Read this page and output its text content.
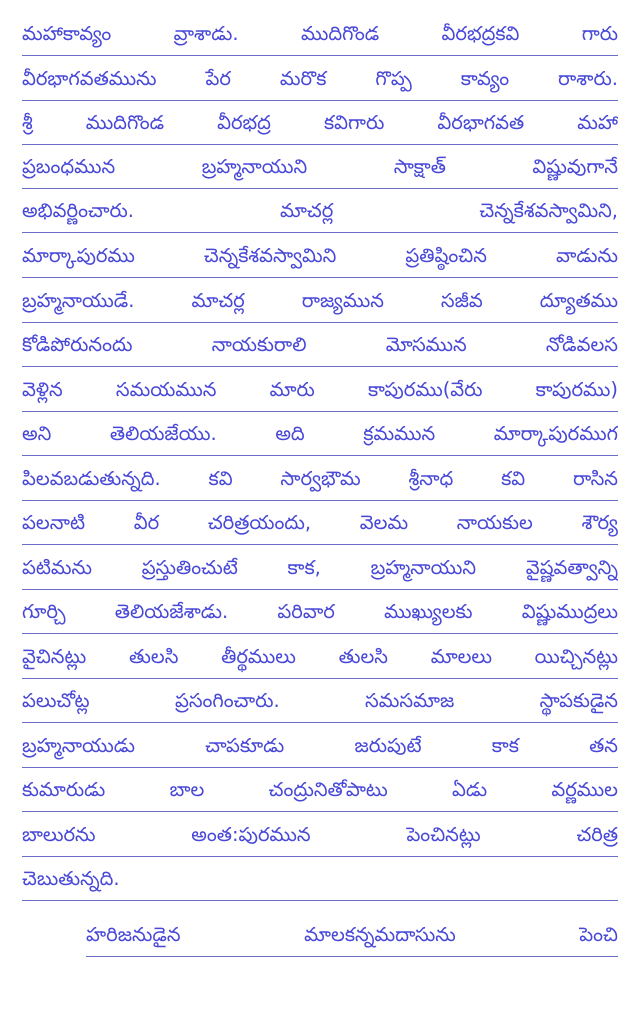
మహాకావ్యం వ్రాశాడు. ముదిగొండ వీరభద్రకవి గారు

వీరభాగవతమును పేర మరొక గొప్ప కావ్యం రాశారు.

శ్రీ ముదిగొండ వీరభద్ర కవిగారు వీరభాగవత మహా

ప్రబంధమున బ్రహ్మనాయుని సాక్షాత్ విష్ణువుగానే

అభివర్ణించారు. మాచర్ల చెన్నకేశవస్వామిని,

మార్కాపురము చెన్నకేశవస్వామిని ప్రతిష్ఠించిన వాడును

బ్రహ్మనాయుడే. మాచర్ల రాజ్యమున సజీవ ద్యూతము

కోడిపోరునందు నాయకురాలి మోసమున నోడివలస

వెళ్లిన సమయమున మారు కాపురము(వేరు కాపురము)

అని తెలియజేయు. అది క్రమమున మార్కాపురముగ

పిలవబడుతున్నది. కవి సార్వభౌమ శ్రీనాధ కవి రాసిన

పలనాటి వీర చరిత్రయందు, వెలమ నాయకుల శౌర్య

పటిమను ప్రస్తుతించుటే కాక, బ్రహ్మనాయుని వైష్ణవత్వాన్ని

గూర్చి తెలియజేశాడు. పరివార ముఖ్యులకు విష్ణుముద్రలు

వైచినట్లు తులసి తీర్థములు తులసి మాలలు యిచ్చినట్లు

పలుచోట్ల ప్రసంగించారు. సమసమాజ స్థాపకుడైన

బ్రహ్మనాయుడు చాపకూడు జరుపుటే కాక తన

కుమారుడు బాల చంద్రునితోపాటు ఏడు వర్ణముల

బాలురను అంత:పురమున పెంచినట్లు చరిత్ర

చెబుతున్నది.

హరిజనుడైన మాలకన్నమదాసును పెంచి
